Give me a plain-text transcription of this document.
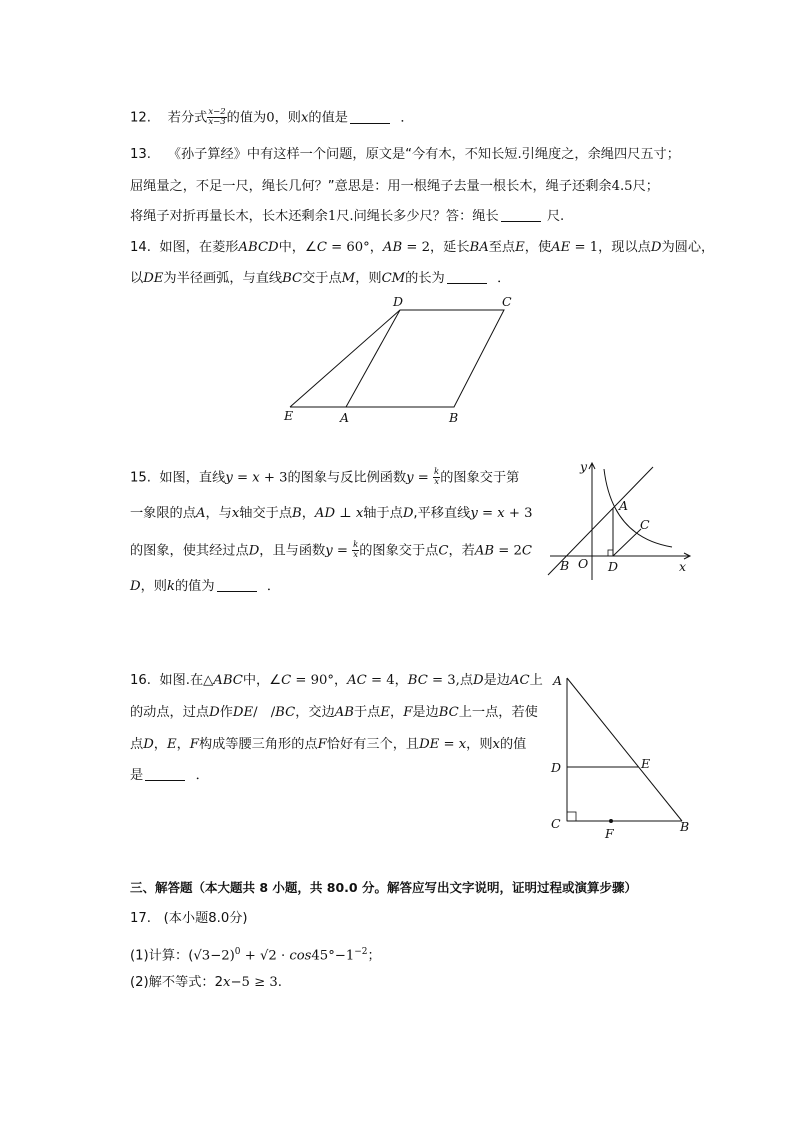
12. 若分式 $\frac{x-2}{x-3}$ 的值为0，则x的值是	．
13. 《孙子算经》中有这样一个问题，原文是“今有木，不知长短.引绳度之，余绳四尺五寸；
屈绳量之，不足一尺，绳长几何？”意思是：用一根绳子去量一根长木，绳子还剩余4.5尺；
将绳子对折再量长木，长木还剩余1尺.问绳长多少尺？答：绳长	尺.
14. 如图，在菱形ABCD中，∠C = 60°，AB = 2，延长BA至点E，使AE = 1，现以点D为圆心，
以DE为半径画弧，与直线BC交于点M，则CM的长为	．
D	C
E	A	B
15. 如图，直线y = x + 3的图象与反比例函数$y = \frac{k}{x}$ 的图象交于第
一象限的点A，与x轴交于点B，AD ⊥ x轴于点D,平移直线y = x + 3
的图象，使其经过点D，且与函数$y = \frac{k}{x}$ 的图象交于点C，若AB = 2C
D，则k的值为	．
y
A
C
B O D	x
16. 如图.在△ABC中，∠C = 90°，AC = 4，BC = 3,点D是边AC上
的动点，过点D作DE/　/BC，交边AB于点E，F是边BC上一点，若使
点D，E，F构成等腰三角形的点F恰好有三个，且DE = x，则x的值
是	．
A
D	E
C
F	B
三、解答题（本大题共 8 小题，共 80.0 分。解答应写出文字说明，证明过程或演算步骤）
17. (本小题8.0分)
(1)计算：$(√3-2)^0 + √2 \cdot \cos 45^\circ-1^{-2}$；
(2)解不等式：2x−5 ≥ 3.
